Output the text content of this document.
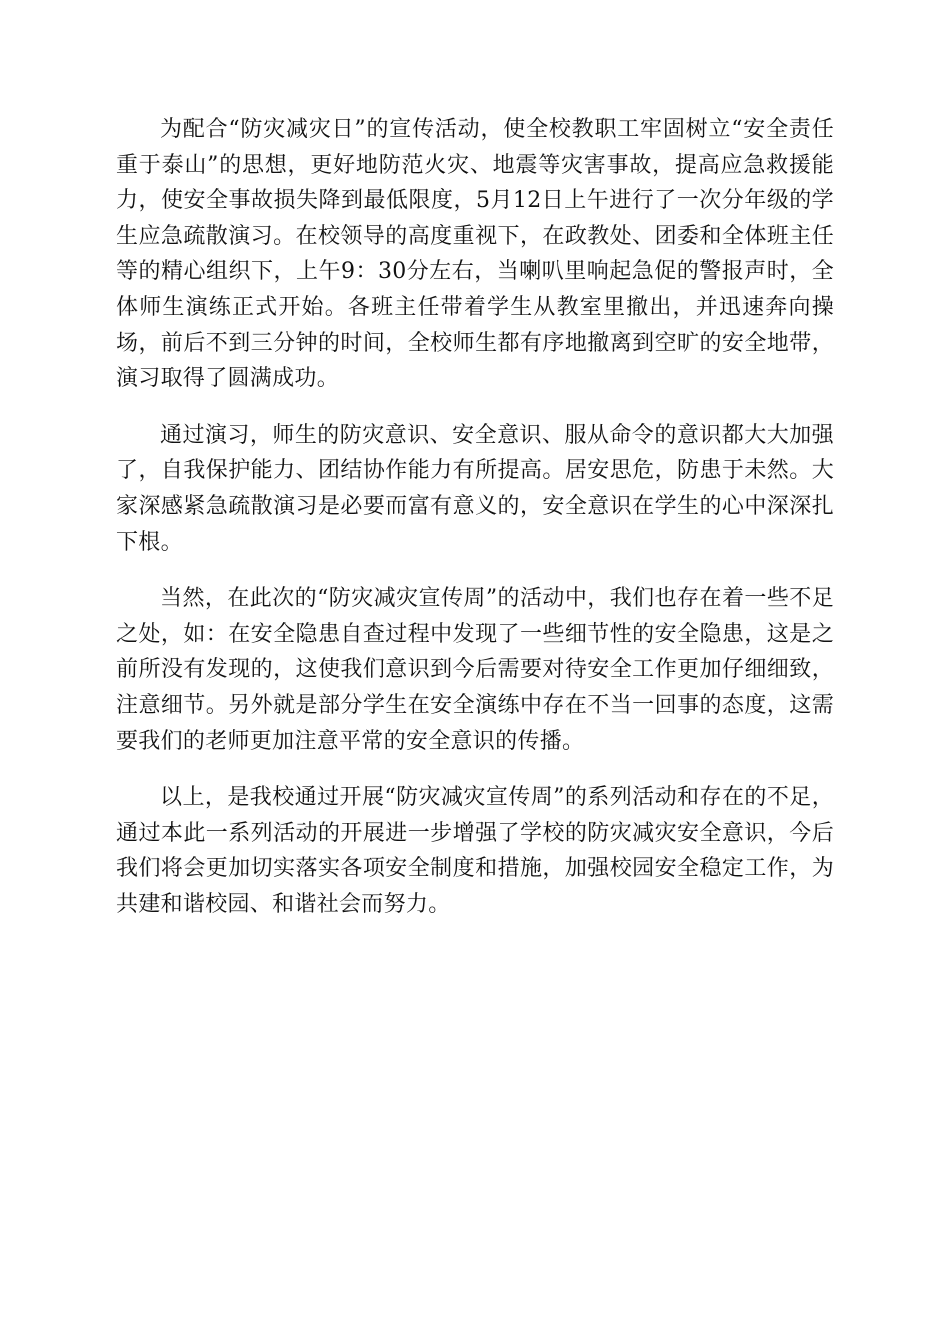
为配合“防灾减灾日”的宣传活动，使全校教职工牢固树立“安全责任重于泰山”的思想，更好地防范火灾、地震等灾害事故，提高应急救援能力，使安全事故损失降到最低限度，5月12日上午进行了一次分年级的学生应急疏散演习。在校领导的高度重视下，在政教处、团委和全体班主任等的精心组织下，上午9：30分左右，当喇叭里响起急促的警报声时，全体师生演练正式开始。各班主任带着学生从教室里撤出，并迅速奔向操场，前后不到三分钟的时间，全校师生都有序地撤离到空旷的安全地带，演习取得了圆满成功。

通过演习，师生的防灾意识、安全意识、服从命令的意识都大大加强了，自我保护能力、团结协作能力有所提高。居安思危，防患于未然。大家深感紧急疏散演习是必要而富有意义的，安全意识在学生的心中深深扎下根。

当然，在此次的“防灾减灾宣传周”的活动中，我们也存在着一些不足之处，如：在安全隐患自查过程中发现了一些细节性的安全隐患，这是之前所没有发现的，这使我们意识到今后需要对待安全工作更加仔细细致，注意细节。另外就是部分学生在安全演练中存在不当一回事的态度，这需要我们的老师更加注意平常的安全意识的传播。

以上，是我校通过开展“防灾减灾宣传周”的系列活动和存在的不足，通过本此一系列活动的开展进一步增强了学校的防灾减灾安全意识，今后我们将会更加切实落实各项安全制度和措施，加强校园安全稳定工作，为共建和谐校园、和谐社会而努力。
